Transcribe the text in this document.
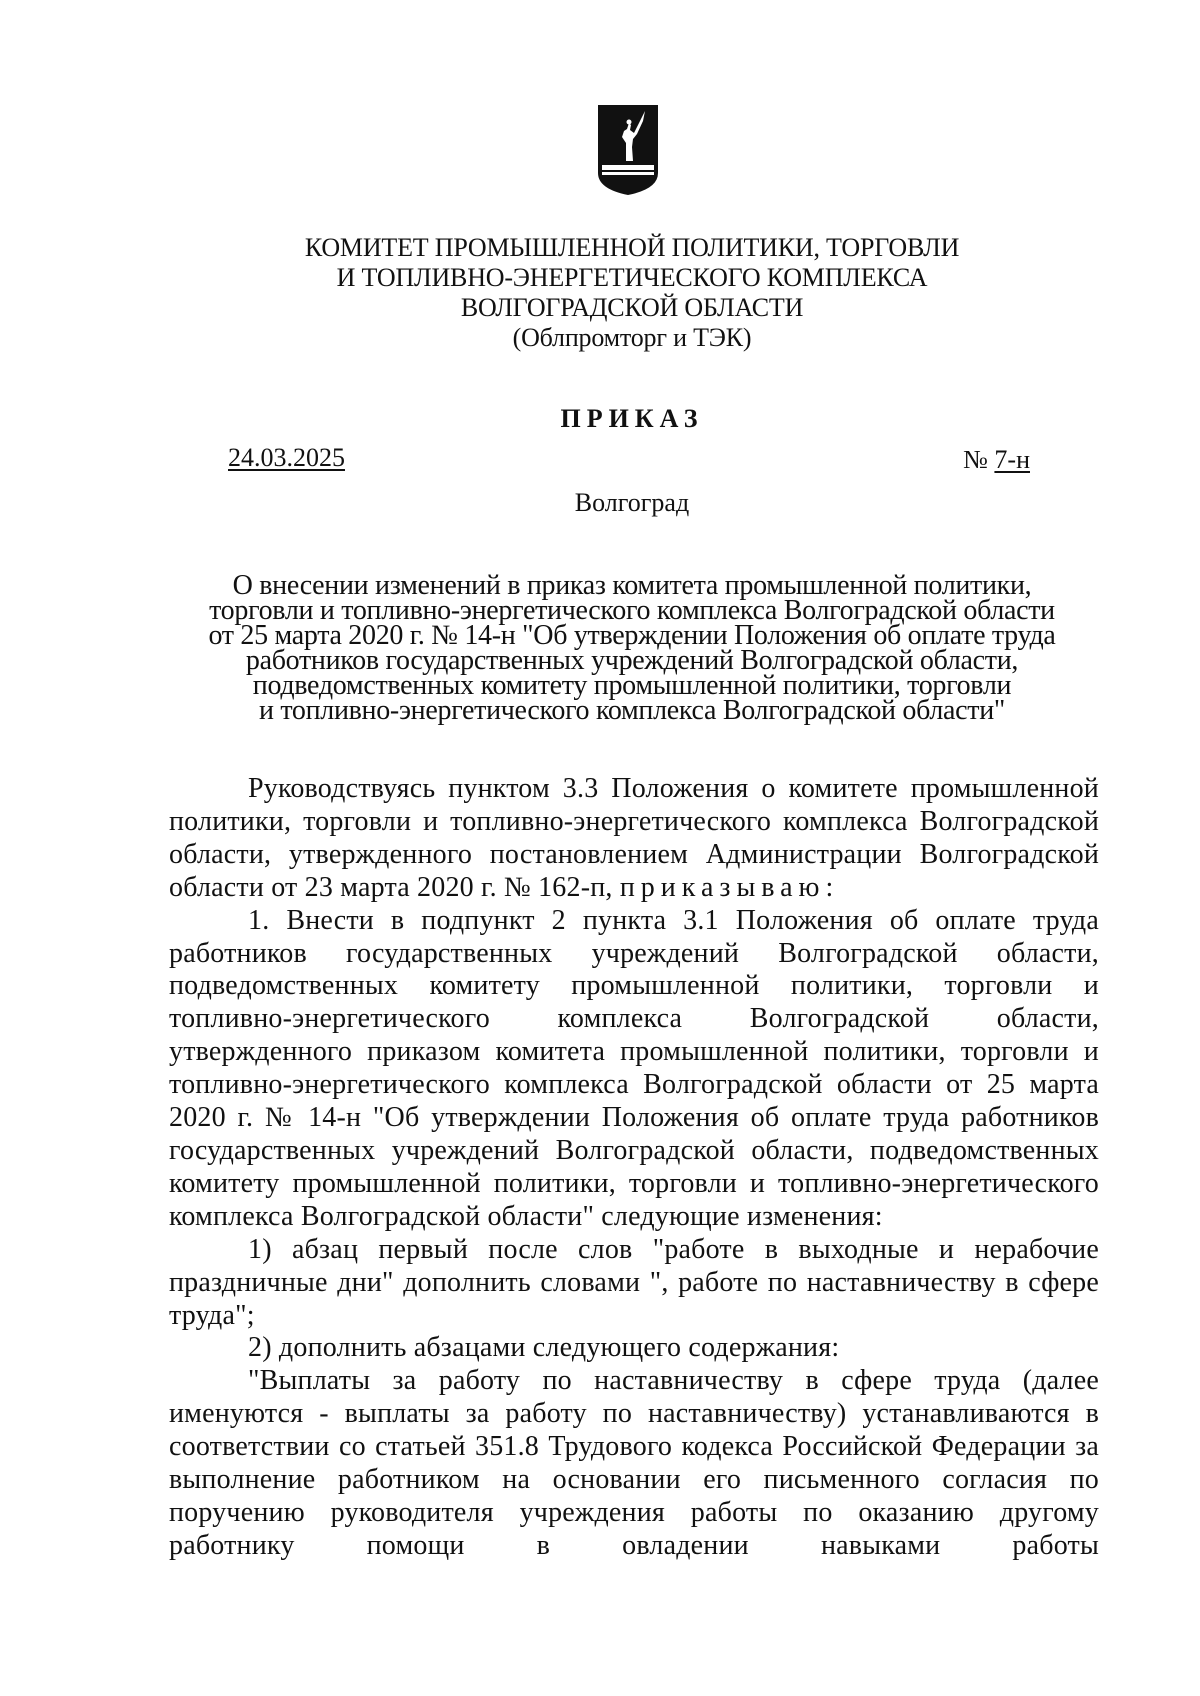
КОМИТЕТ ПРОМЫШЛЕННОЙ ПОЛИТИКИ, ТОРГОВЛИ
И ТОПЛИВНО-ЭНЕРГЕТИЧЕСКОГО КОМПЛЕКСА
ВОЛГОГРАДСКОЙ ОБЛАСТИ
(Облпромторг и ТЭК)
ПРИКАЗ
24.03.2025	№ 7-н
Волгоград
О внесении изменений в приказ комитета промышленной политики,
торговли и топливно-энергетического комплекса Волгоградской области
от 25 марта 2020 г. № 14-н "Об утверждении Положения об оплате труда
работников государственных учреждений Волгоградской области,
подведомственных комитету промышленной политики, торговли
и топливно-энергетического комплекса Волгоградской области"

Руководствуясь пунктом 3.3 Положения о комитете промышленной политики, торговли и топливно-энергетического комплекса Волгоградской области, утвержденного постановлением Администрации Волгоградской области от 23 марта 2020 г. № 162-п, приказываю:

1. Внести в подпункт 2 пункта 3.1 Положения об оплате труда работников государственных учреждений Волгоградской области, подведомственных комитету промышленной политики, торговли и топливно-энергетического комплекса Волгоградской области, утвержденного приказом комитета промышленной политики, торговли и топливно-энергетического комплекса Волгоградской области от 25 марта 2020 г. № 14-н "Об утверждении Положения об оплате труда работников государственных учреждений Волгоградской области, подведомственных комитету промышленной политики, торговли и топливно-энергетического комплекса Волгоградской области" следующие изменения:

1) абзац первый после слов "работе в выходные и нерабочие праздничные дни" дополнить словами ", работе по наставничеству в сфере труда";

2) дополнить абзацами следующего содержания:

"Выплаты за работу по наставничеству в сфере труда (далее именуются - выплаты за работу по наставничеству) устанавливаются в соответствии со статьей 351.8 Трудового кодекса Российской Федерации за выполнение работником на основании его письменного согласия по поручению руководителя учреждения работы по оказанию другому работнику помощи в овладении навыками работы
